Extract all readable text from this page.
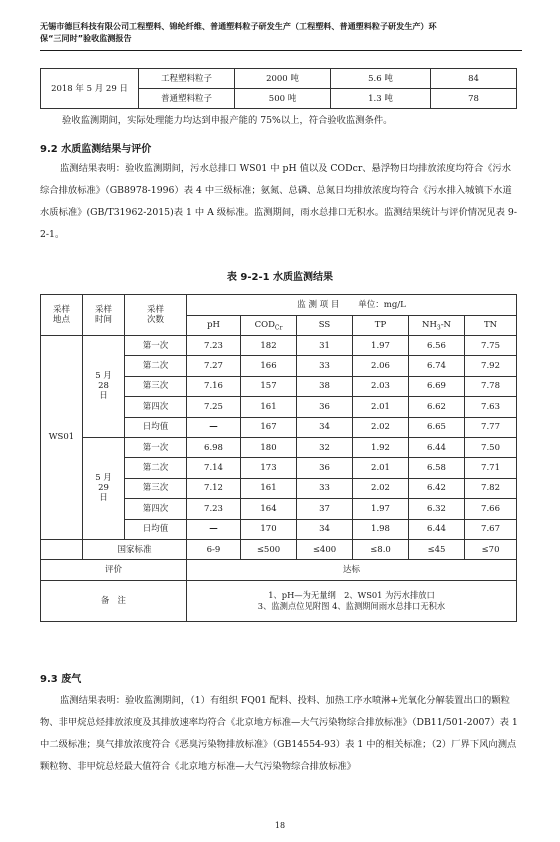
无锡市德巨科技有限公司工程塑料、锦纶纤维、普通塑料粒子研发生产（工程塑料、普通塑料粒子研发生产）环
保“三同时”验收监测报告
2018 年 5 月 29 日	工程塑料粒子	2000 吨	5.6 吨	84
	普通塑料粒子	500 吨	1.3 吨	78
验收监测期间，实际处理能力均达到申报产能的 75%以上，符合验收监测条件。
9.2 水质监测结果与评价
监测结果表明：验收监测期间，污水总排口 WS01 中 pH 值以及 CODcr、悬浮物日均排放浓度均符合《污水综合排放标准》（GB8978-1996）表 4 中三级标准；氨氮、总磷、总氮日均排放浓度均符合《污水排入城镇下水道水质标准》(GB/T31962-2015)表 1 中 A 级标准。监测期间，雨水总排口无积水。监测结果统计与评价情况见表 9-2-1。
表 9-2-1 水质监测结果
采样地点	采样时间	采样次数	监 测 项 目 单位：mg/L					
			pH	$COD_{Cr}$	SS	TP	$NH_3-N$	TN
WS01	5 月 28 日	第一次	7.23	182	31	1.97	6.56	7.75
		第二次	7.27	166	33	2.06	6.74	7.92
		第三次	7.16	157	38	2.03	6.69	7.78
		第四次	7.25	161	36	2.01	6.62	7.63
		日均值	—	167	34	2.02	6.65	7.77
	5 月 29 日	第一次	6.98	180	32	1.92	6.44	7.50
		第二次	7.14	173	36	2.01	6.58	7.71
		第三次	7.12	161	33	2.02	6.42	7.82
		第四次	7.23	164	37	1.97	6.32	7.66
		日均值	—	170	34	1.98	6.44	7.67
	国家标准		6-9	≤500	≤400	≤8.0	≤45	≤70
评价			达标					
备　注			1、pH—为无量纲　2、WS01 为污水排放口
3、监测点位见附图 4、监测期间雨水总排口无积水					
9.3 废气
监测结果表明：验收监测期间，（1）有组织 FQ01 配料、投料、加热工序水喷淋+光氧化分解装置出口的颗粒物、非甲烷总烃排放浓度及其排放速率均符合《北京地方标准—大气污染物综合排放标准》（DB11/501-2007）表 1 中二级标准；臭气排放浓度符合《恶臭污染物排放标准》（GB14554-93）表 1 中的相关标准；（2）厂界下风向测点颗粒物、非甲烷总烃最大值符合《北京地方标准—大气污染物综合排放标准》
18
